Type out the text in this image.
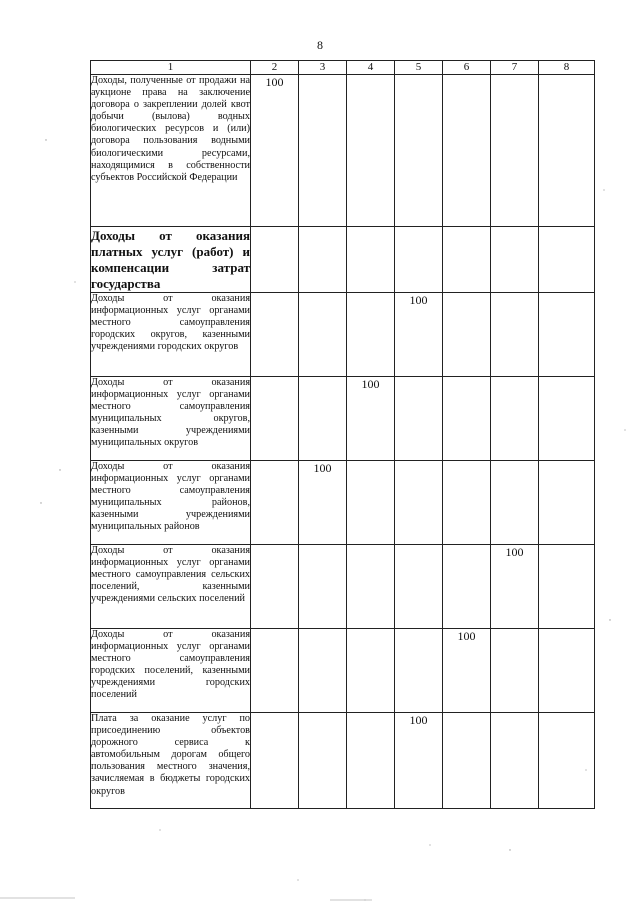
8
1	2	3	4	5	6	7	8
Доходы, полученные от продажи на аукционе права на заключение договора о закреплении долей квот добычи (вылова) водных биологических ресурсов и (или) договора пользования водными биологическими ресурсами, находящимися в собственности субъектов Российской Федерации	100						
Доходы от оказания платных услуг (работ) и компенсации затрат государства							
Доходы от оказания информационных услуг органами местного самоуправления городских округов, казенными учреждениями городских округов				100			
Доходы от оказания информационных услуг органами местного самоуправления муниципальных округов, казенными учреждениями муниципальных округов			100				
Доходы от оказания информационных услуг органами местного самоуправления муниципальных районов, казенными учреждениями муниципальных районов		100					
Доходы от оказания информационных услуг органами местного самоуправления сельских поселений, казенными учреждениями сельских поселений						100	
Доходы от оказания информационных услуг органами местного самоуправления городских поселений, казенными учреждениями городских поселений					100		
Плата за оказание услуг по присоединению объектов дорожного сервиса к автомобильным дорогам общего пользования местного значения, зачисляемая в бюджеты городских округов				100			
